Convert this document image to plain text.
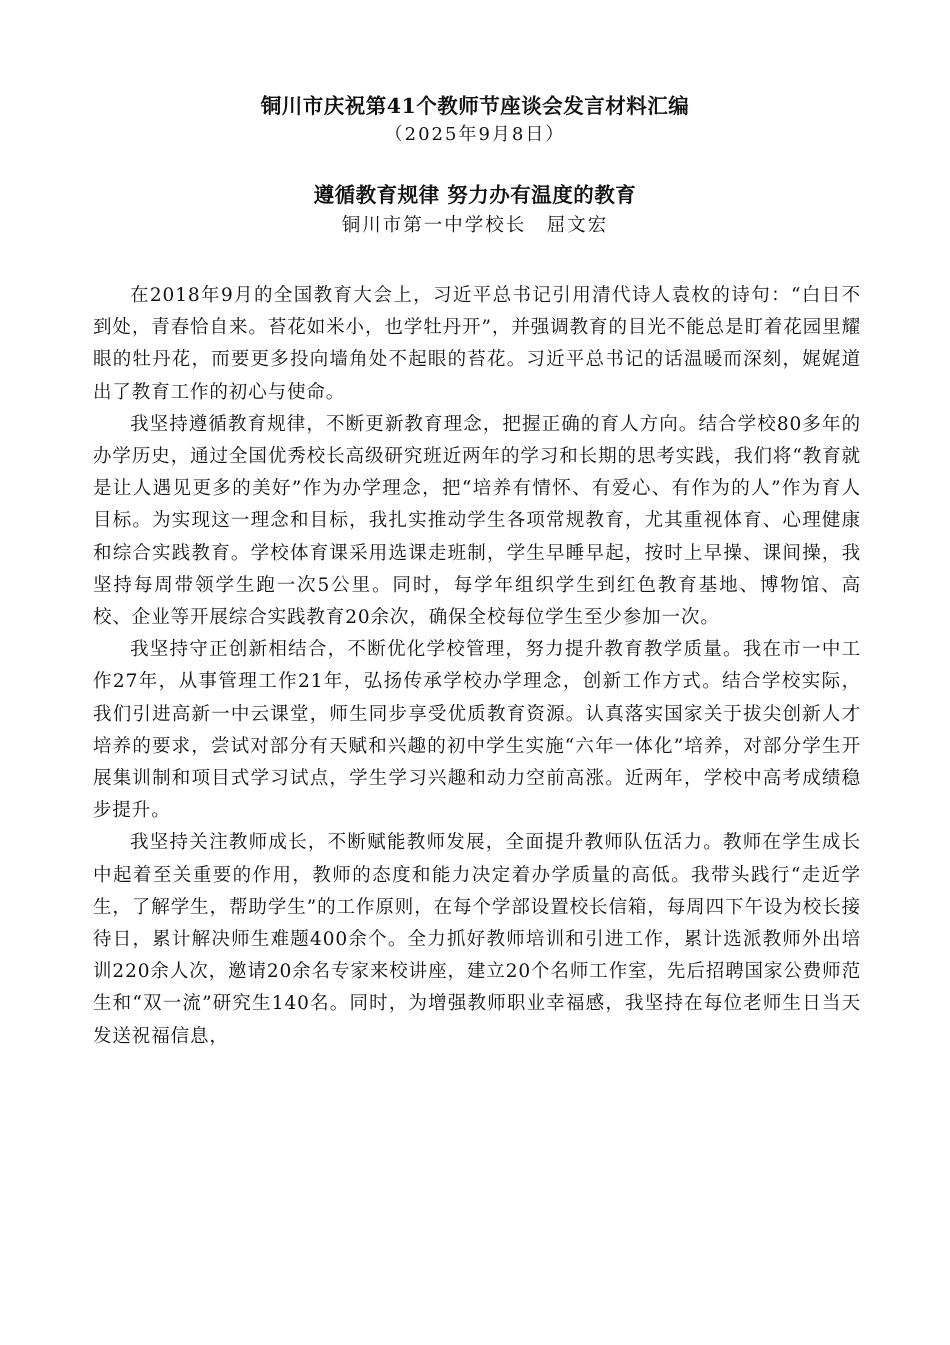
铜川市庆祝第41个教师节座谈会发言材料汇编
（2025年9月8日）
遵循教育规律 努力办有温度的教育
铜川市第一中学校长　屈文宏

在2018年9月的全国教育大会上，习近平总书记引用清代诗人袁枚的诗句：“白日不到处，青春恰自来。苔花如米小，也学牡丹开”，并强调教育的目光不能总是盯着花园里耀眼的牡丹花，而要更多投向墙角处不起眼的苔花。习近平总书记的话温暖而深刻，娓娓道出了教育工作的初心与使命。

我坚持遵循教育规律，不断更新教育理念，把握正确的育人方向。结合学校80多年的办学历史，通过全国优秀校长高级研究班近两年的学习和长期的思考实践，我们将“教育就是让人遇见更多的美好”作为办学理念，把“培养有情怀、有爱心、有作为的人”作为育人目标。为实现这一理念和目标，我扎实推动学生各项常规教育，尤其重视体育、心理健康和综合实践教育。学校体育课采用选课走班制，学生早睡早起，按时上早操、课间操，我坚持每周带领学生跑一次5公里。同时，每学年组织学生到红色教育基地、博物馆、高校、企业等开展综合实践教育20余次，确保全校每位学生至少参加一次。

我坚持守正创新相结合，不断优化学校管理，努力提升教育教学质量。我在市一中工作27年，从事管理工作21年，弘扬传承学校办学理念，创新工作方式。结合学校实际，我们引进高新一中云课堂，师生同步享受优质教育资源。认真落实国家关于拔尖创新人才培养的要求，尝试对部分有天赋和兴趣的初中学生实施“六年一体化”培养，对部分学生开展集训制和项目式学习试点，学生学习兴趣和动力空前高涨。近两年，学校中高考成绩稳步提升。

我坚持关注教师成长，不断赋能教师发展，全面提升教师队伍活力。教师在学生成长中起着至关重要的作用，教师的态度和能力决定着办学质量的高低。我带头践行“走近学生，了解学生，帮助学生”的工作原则，在每个学部设置校长信箱，每周四下午设为校长接待日，累计解决师生难题400余个。全力抓好教师培训和引进工作，累计选派教师外出培训220余人次，邀请20余名专家来校讲座，建立20个名师工作室，先后招聘国家公费师范生和“双一流”研究生140名。同时，为增强教师职业幸福感，我坚持在每位老师生日当天发送祝福信息，
